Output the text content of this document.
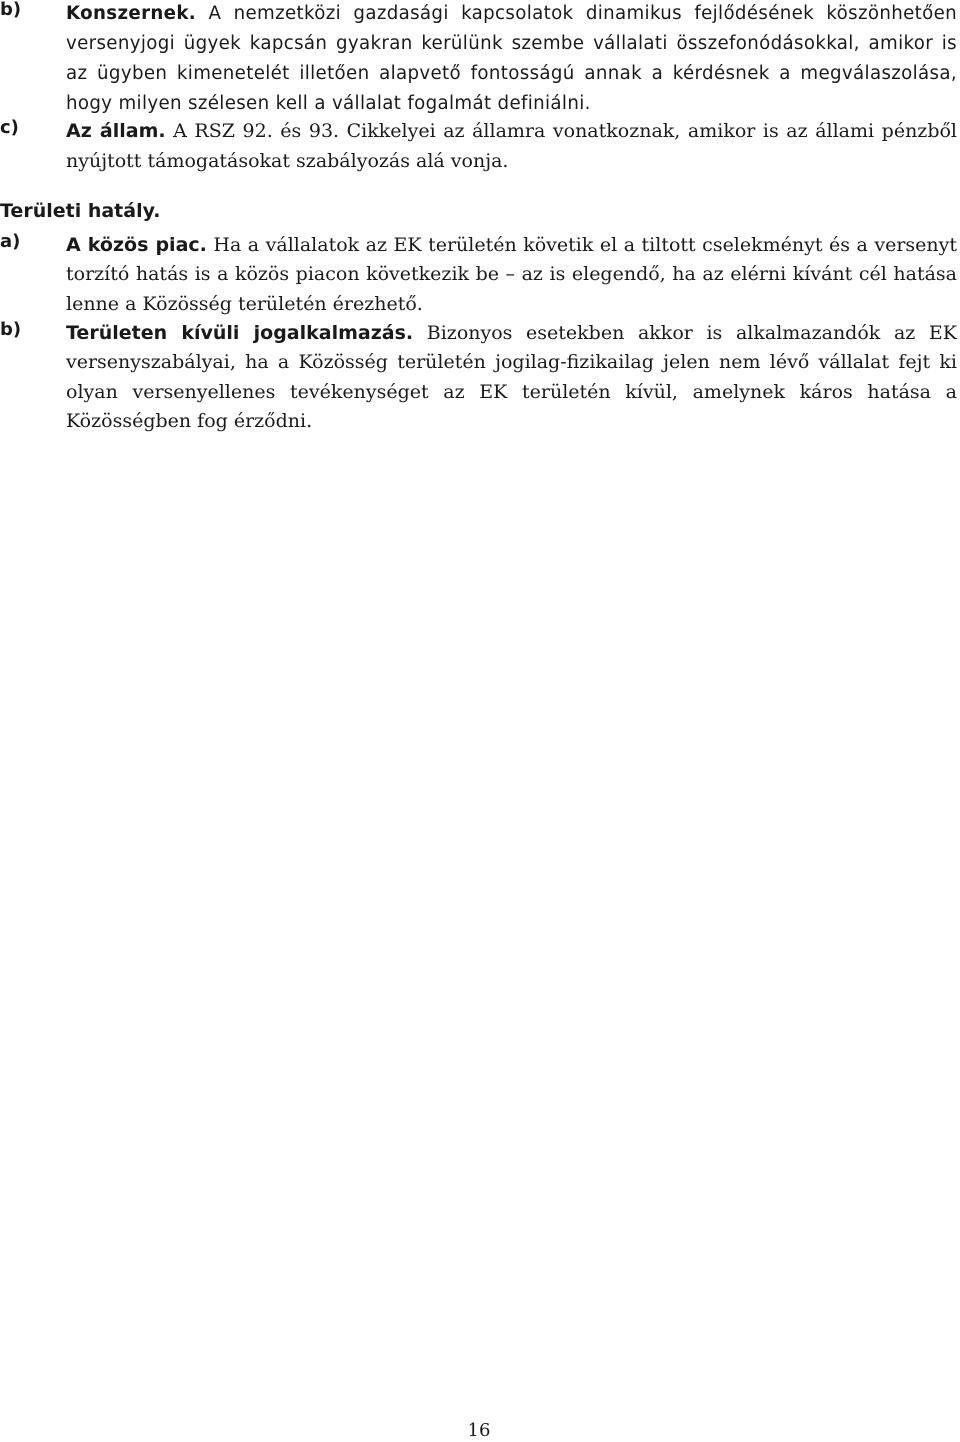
b) Konszernek. A nemzetközi gazdasági kapcsolatok dinamikus fejlődésének köszönhetően versenyjogi ügyek kapcsán gyakran kerülünk szembe vállalati összefonódásokkal, amikor is az ügyben kimenetelét illetően alapvető fontosságú annak a kérdésnek a megválaszolása, hogy milyen szélesen kell a vállalat fogalmát definiálni.
c) Az állam. A RSZ 92. és 93. Cikkelyei az államra vonatkoznak, amikor is az állami pénzből nyújtott támogatásokat szabályozás alá vonja.
Területi hatály.
a) A közös piac. Ha a vállalatok az EK területén követik el a tiltott cselekményt és a versenyt torzító hatás is a közös piacon következik be – az is elegendő, ha az elérni kívánt cél hatása lenne a Közösség területén érezhető.
b) Területen kívüli jogalkalmazás. Bizonyos esetekben akkor is alkalmazandók az EK versenyszabályai, ha a Közösség területén jogilag-fizikailag jelen nem lévő vállalat fejt ki olyan versenyellenes tevékenységet az EK területén kívül, amelynek káros hatása a Közösségben fog érződni.
16
